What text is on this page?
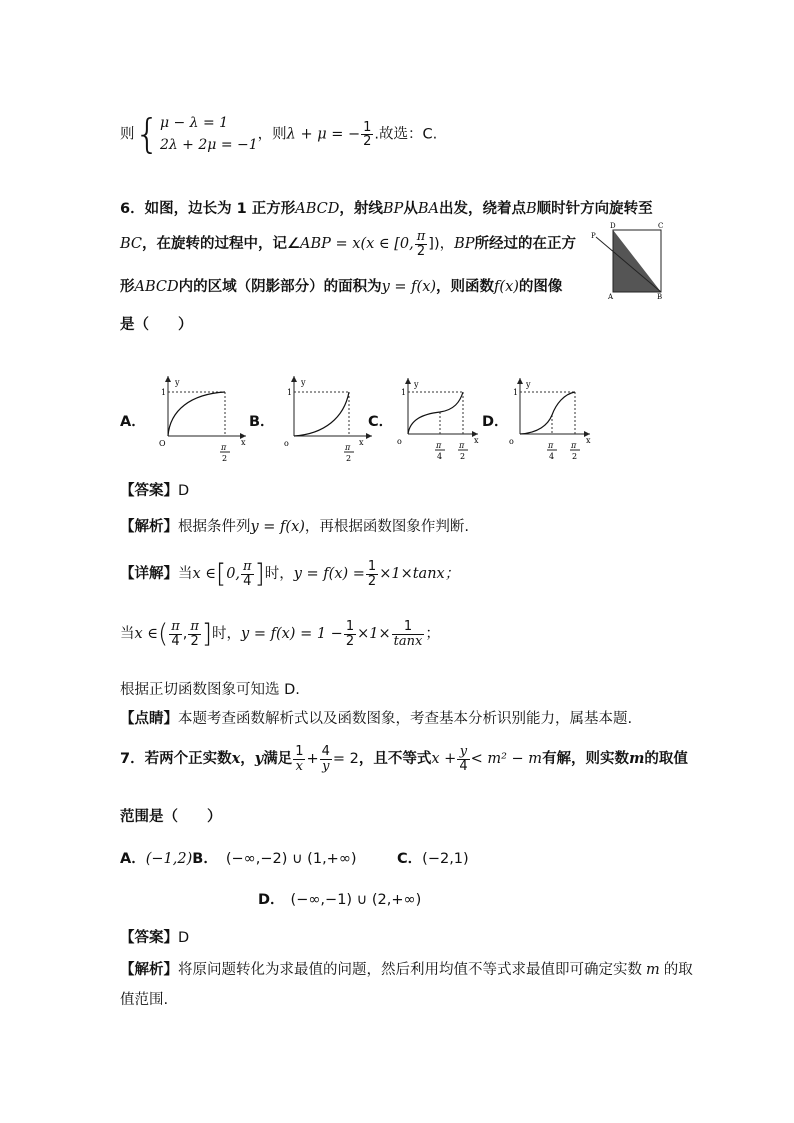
则{ μ − λ = 1
2λ + 2μ = −1
，则λ + μ = − $\frac{1}{2}$ .故选：C.
6．如图，边长为 1 正方形ABCD，射线BP从BA出发，绕着点B顺时针方向旋转至
BC，在旋转的过程中，记∠ABP = x(x ∈ [0, $\frac{\pi}{2}$ ])，BP所经过的在正方
形ABCD内的区域（阴影部分）的面积为y = f(x)，则函数f(x)的图像
是（　　）
P
D	C
A	B
A．	B．	C．	D．
y
x
1
O	π
2
y
x
1
o	π
2
y
x
1
o	π
4
π
2
y
x
1
o	π
4
π
2
【答案】D
【解析】根据条件列y = f(x)，再根据函数图象作判断.
【详解】当x ∈[0, $\frac{\pi}{4}$ ]时，$y = f(x) = \frac{1}{2} \times 1\times\tan x$；
当x ∈( $\frac{\pi}{4}$ , $\frac{\pi}{2}$ ]时，$y = f(x) = 1 - \frac{1}{2} \times 1\times \frac{1}{\tan x}$ ；
根据正切函数图象可知选 D.
【点睛】本题考查函数解析式以及函数图象，考查基本分析识别能力，属基本题.
7．若两个正实数x，y满足 $\frac{1}{x} + \frac{4}{y} = 2$，且不等式$x + \frac{y}{4} < m^2 - m$有解，则实数m的取值
范围是（　　）
A．(−1,2)B． (−∞,−2) ∪ (1,+∞)	C．(−2,1)
D． (−∞,−1) ∪ (2,+∞)
【答案】D
【解析】将原问题转化为求最值的问题，然后利用均值不等式求最值即可确定实数 m 的取
值范围.
